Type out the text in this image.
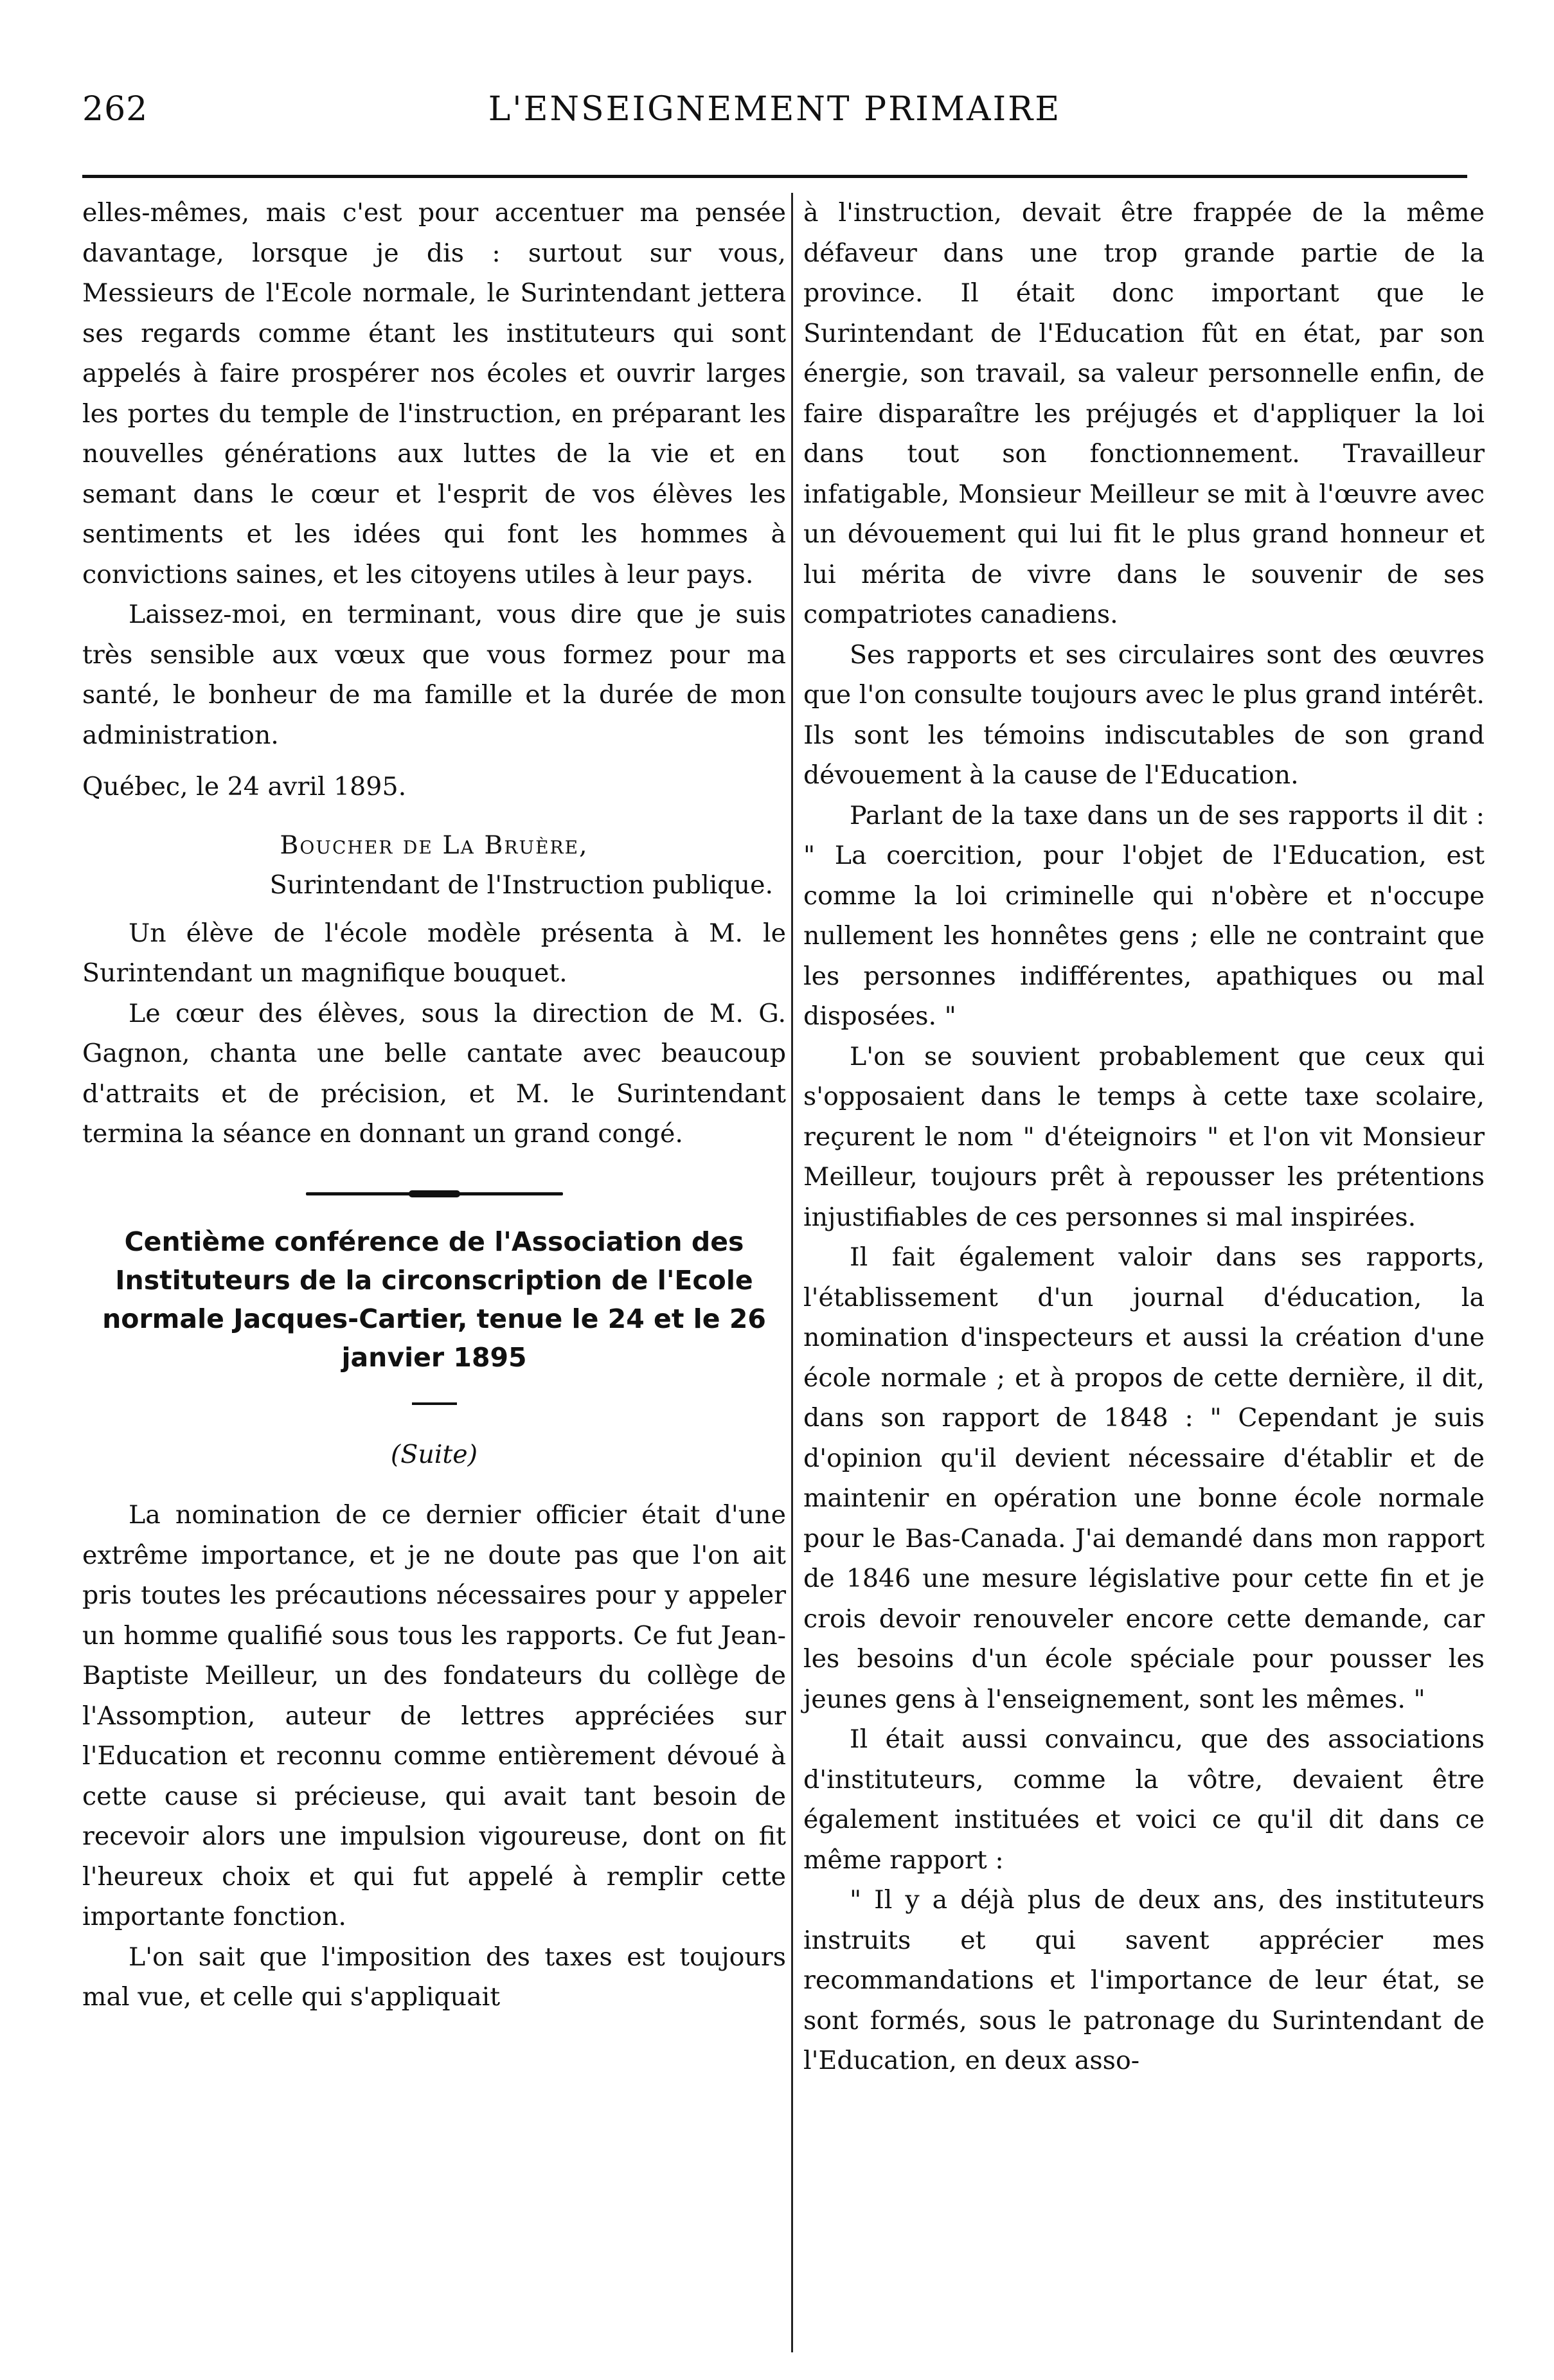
262	L'ENSEIGNEMENT PRIMAIRE

elles-mêmes, mais c'est pour accentuer ma pensée davantage, lorsque je dis : surtout sur vous, Messieurs de l'Ecole normale, le Surintendant jettera ses regards comme étant les instituteurs qui sont appelés à faire prospérer nos écoles et ouvrir larges les portes du temple de l'instruction, en préparant les nouvelles générations aux luttes de la vie et en semant dans le cœur et l'esprit de vos élèves les sentiments et les idées qui font les hommes à convictions saines, et les citoyens utiles à leur pays.

Laissez-moi, en terminant, vous dire que je suis très sensible aux vœux que vous formez pour ma santé, le bonheur de ma famille et la durée de mon administration.

Québec, le 24 avril 1895.

Boucher de La Bruère,

Surintendant de l'Instruction publique.

Un élève de l'école modèle présenta à M. le Surintendant un magnifique bouquet.

Le cœur des élèves, sous la direction de M. G. Gagnon, chanta une belle cantate avec beaucoup d'attraits et de précision, et M. le Surintendant termina la séance en donnant un grand congé.

Centième conférence de l'Association des Instituteurs de la circonscription de l'Ecole normale Jacques-Cartier, tenue le 24 et le 26 janvier 1895

(Suite)

La nomination de ce dernier officier était d'une extrême importance, et je ne doute pas que l'on ait pris toutes les précautions nécessaires pour y appeler un homme qualifié sous tous les rapports. Ce fut Jean-Baptiste Meilleur, un des fondateurs du collège de l'Assomption, auteur de lettres appréciées sur l'Education et reconnu comme entièrement dévoué à cette cause si précieuse, qui avait tant besoin de recevoir alors une impulsion vigoureuse, dont on fit l'heureux choix et qui fut appelé à remplir cette importante fonction.

L'on sait que l'imposition des taxes est toujours mal vue, et celle qui s'appliquait

à l'instruction, devait être frappée de la même défaveur dans une trop grande partie de la province. Il était donc important que le Surintendant de l'Education fût en état, par son énergie, son travail, sa valeur personnelle enfin, de faire disparaître les préjugés et d'appliquer la loi dans tout son fonctionnement. Travailleur infatigable, Monsieur Meilleur se mit à l'œuvre avec un dévouement qui lui fit le plus grand honneur et lui mérita de vivre dans le souvenir de ses compatriotes canadiens.

Ses rapports et ses circulaires sont des œuvres que l'on consulte toujours avec le plus grand intérêt. Ils sont les témoins indiscutables de son grand dévouement à la cause de l'Education.

Parlant de la taxe dans un de ses rapports il dit : " La coercition, pour l'objet de l'Education, est comme la loi criminelle qui n'obère et n'occupe nullement les honnêtes gens ; elle ne contraint que les personnes indifférentes, apathiques ou mal disposées. "

L'on se souvient probablement que ceux qui s'opposaient dans le temps à cette taxe scolaire, reçurent le nom " d'éteignoirs " et l'on vit Monsieur Meilleur, toujours prêt à repousser les prétentions injustifiables de ces personnes si mal inspirées.

Il fait également valoir dans ses rapports, l'établissement d'un journal d'éducation, la nomination d'inspecteurs et aussi la création d'une école normale ; et à propos de cette dernière, il dit, dans son rapport de 1848 : " Cependant je suis d'opinion qu'il devient nécessaire d'établir et de maintenir en opération une bonne école normale pour le Bas-Canada. J'ai demandé dans mon rapport de 1846 une mesure législative pour cette fin et je crois devoir renouveler encore cette demande, car les besoins d'un école spéciale pour pousser les jeunes gens à l'enseignement, sont les mêmes. "

Il était aussi convaincu, que des associations d'instituteurs, comme la vôtre, devaient être également instituées et voici ce qu'il dit dans ce même rapport :

" Il y a déjà plus de deux ans, des instituteurs instruits et qui savent apprécier mes recommandations et l'importance de leur état, se sont formés, sous le patronage du Surintendant de l'Education, en deux asso-
